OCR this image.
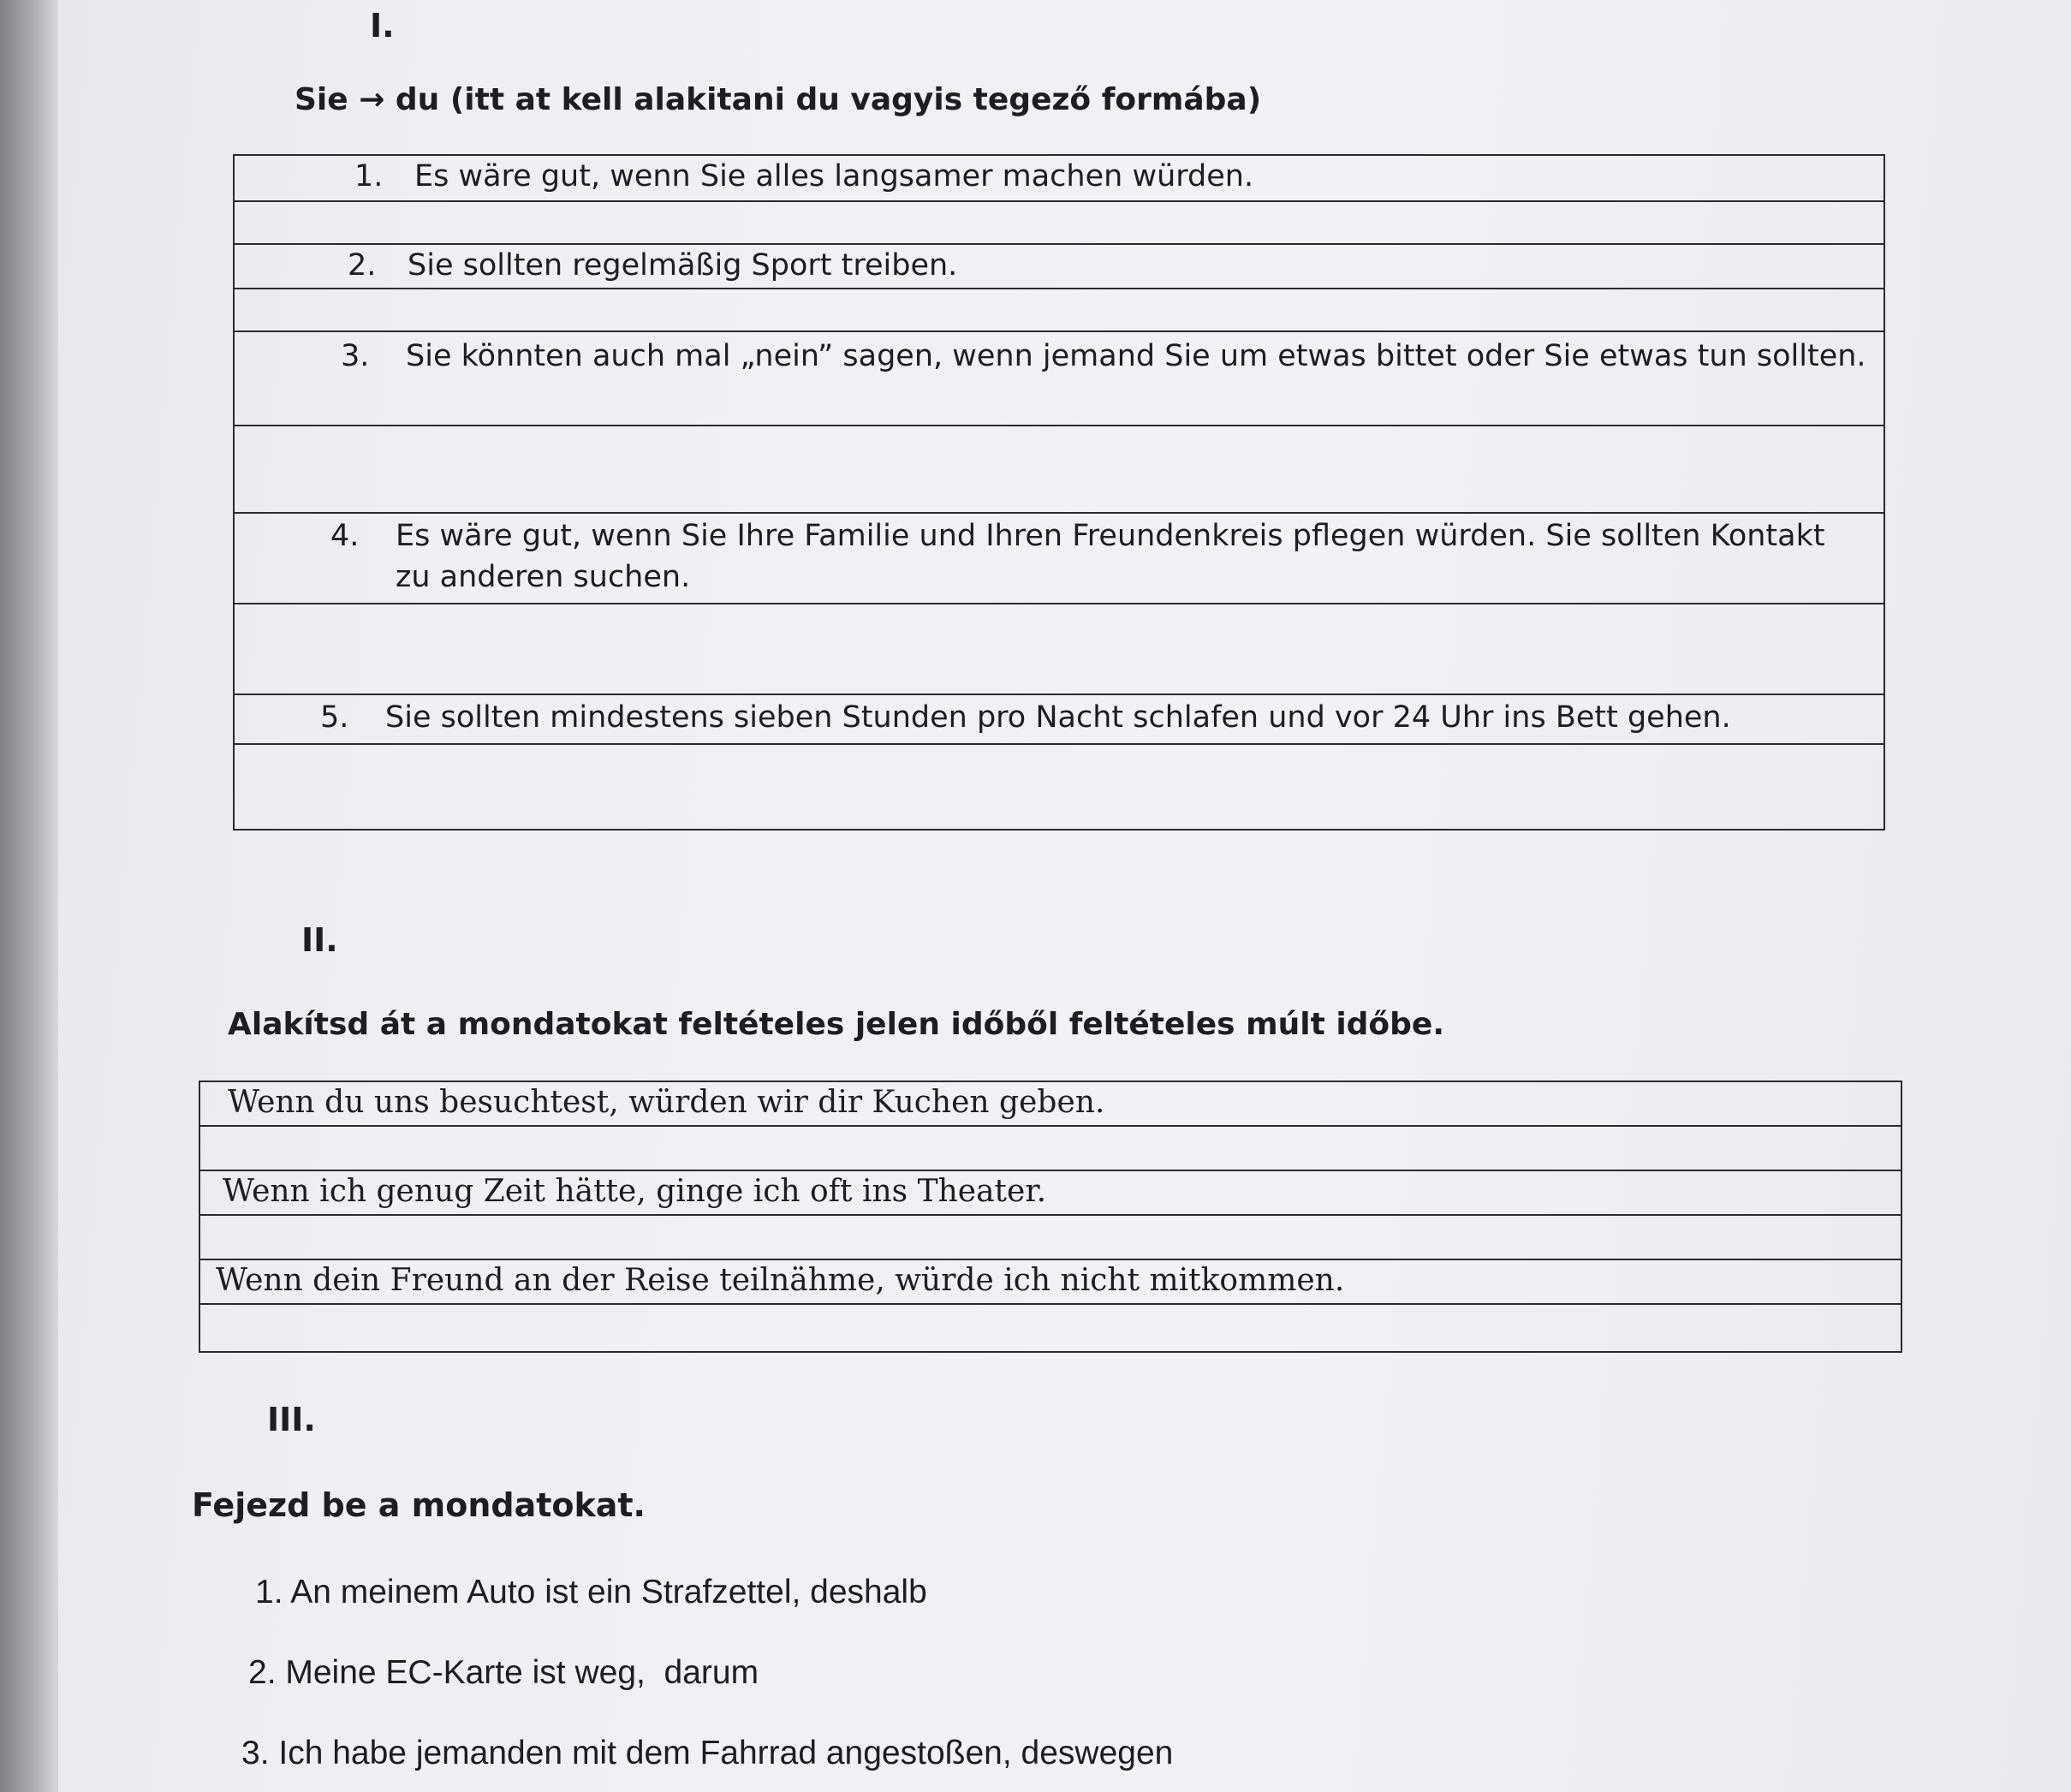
I.
Sie → du (itt at kell alakitani du vagyis tegező formába)
1.	Es wäre gut, wenn Sie alles langsamer machen würden.

2.	Sie sollten regelmäßig Sport treiben.

3.	Sie könnten auch mal „nein” sagen, wenn jemand Sie um etwas bittet oder Sie etwas tun sollten.

4.	Es wäre gut, wenn Sie Ihre Familie und Ihren Freundenkreis pflegen würden. Sie sollten Kontakt zu anderen suchen.

5.	Sie sollten mindestens sieben Stunden pro Nacht schlafen und vor 24 Uhr ins Bett gehen.

II.
Alakítsd át a mondatokat feltételes jelen időből feltételes múlt időbe.
Wenn du uns besuchtest, würden wir dir Kuchen geben.

Wenn ich genug Zeit hätte, ginge ich oft ins Theater.

Wenn dein Freund an der Reise teilnähme, würde ich nicht mitkommen.

III.
Fejezd be a mondatokat.
1. An meinem Auto ist ein Strafzettel, deshalb
2. Meine EC-Karte ist weg,  darum
3. Ich habe jemanden mit dem Fahrrad angestoßen, deswegen
